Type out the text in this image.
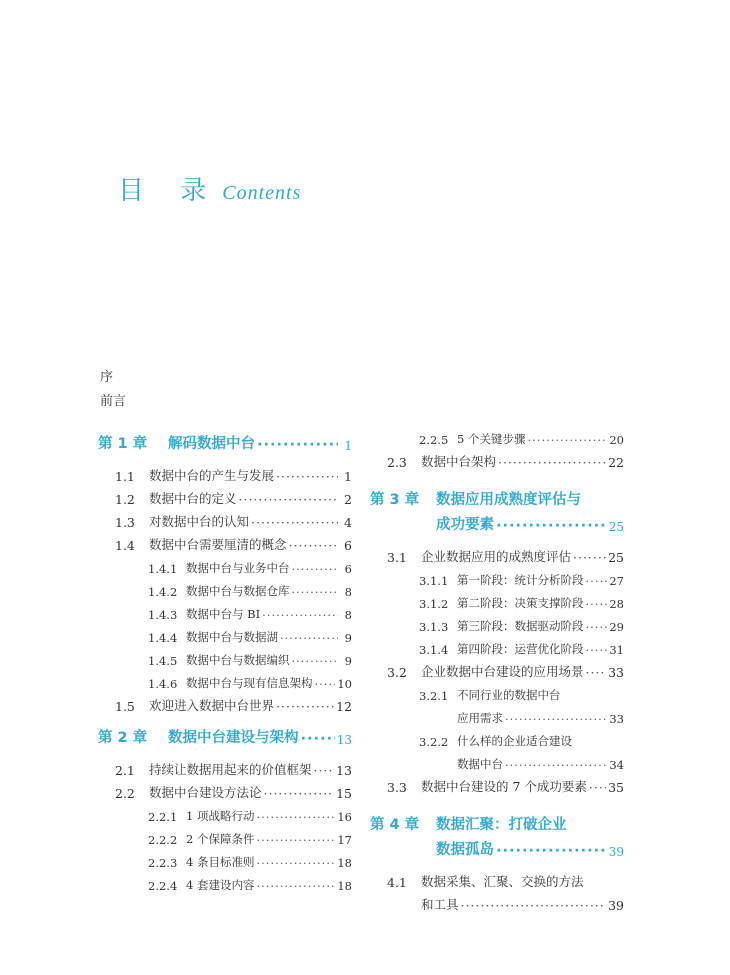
目 录 Contents
序
前言
第 1 章	解码数据中台 ·····	1
1.1	数据中台的产生与发展 ·····	1
1.2	数据中台的定义 ·····	2
1.3	对数据中台的认知 ·····	4
1.4	数据中台需要厘清的概念 ·····	6
1.4.1 数据中台与业务中台 ·····	6
1.4.2 数据中台与数据仓库 ·····	8
1.4.3 数据中台与 BI ·····	8
1.4.4 数据中台与数据湖 ·····	9
1.4.5 数据中台与数据编织 ·····	9
1.4.6 数据中台与现有信息架构 ····· 10
1.5	欢迎进入数据中台世界 ·····	12
第 2 章	数据中台建设与架构 ·····	13
2.1	持续让数据用起来的价值框架 ····· 13
2.2	数据中台建设方法论 ·····	15
2.2.1 1 项战略行动 ·····	16
2.2.2 2 个保障条件 ·····	17
2.2.3 4 条目标准则 ·····	18
2.2.4 4 套建设内容 ·····	18
2.2.5 5 个关键步骤 ·····	20
2.3	数据中台架构 ·····	22
第 3 章	数据应用成熟度评估与
成功要素 ·····	25
3.1	企业数据应用的成熟度评估 ·····	25
3.1.1 第一阶段：统计分析阶段 ····· 27
3.1.2 第二阶段：决策支撑阶段 ····· 28
3.1.3 第三阶段：数据驱动阶段 ····· 29
3.1.4 第四阶段：运营优化阶段 ····· 31
3.2	企业数据中台建设的应用场景 ····· 33
3.2.1 不同行业的数据中台
应用需求 ·····	33
3.2.2 什么样的企业适合建设
数据中台 ·····	34
3.3	数据中台建设的 7 个成功要素 ····· 35
第 4 章	数据汇聚：打破企业
数据孤岛 ·····	39
4.1	数据采集、汇聚、交换的方法
和工具 ·····	39
